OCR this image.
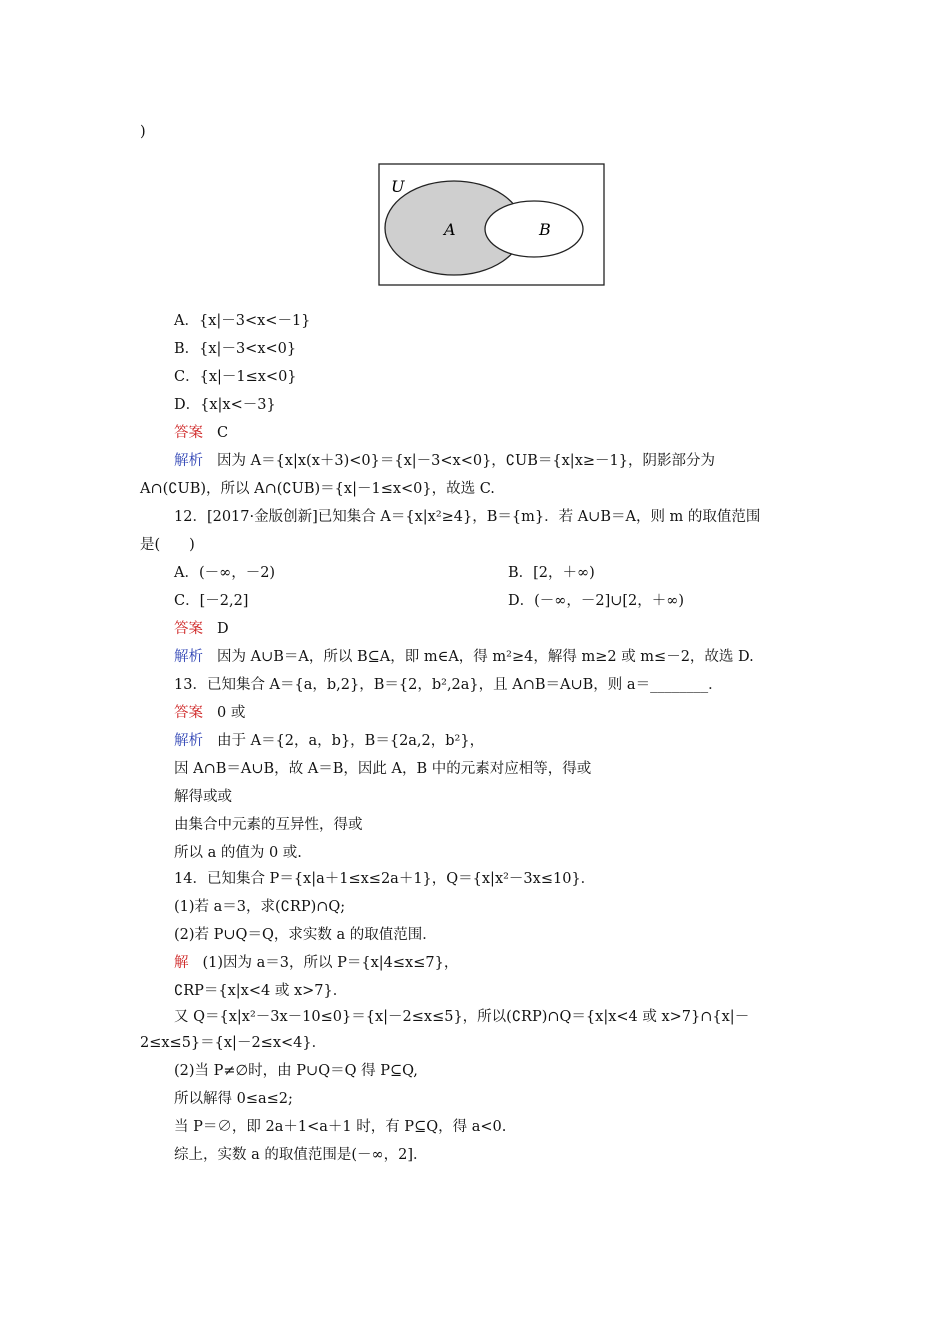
)
U
A	B
A．{x|－3<x<－1}
B．{x|－3<x<0}
C．{x|－1≤x<0}
D．{x|x<－3}
答案 C
解析 因为 A＝{x|x(x＋3)<0}＝{x|－3<x<0}，∁UB＝{x|x≥－1}，阴影部分为
A∩(∁UB)，所以 A∩(∁UB)＝{x|－1≤x<0}，故选 C.
12．[2017·金版创新]已知集合 A＝{x|x²≥4}，B＝{m}．若 A∪B＝A，则 m 的取值范围
是(　　)
A．(－∞，－2)	B．[2，＋∞)
C．[－2,2]	D．(－∞，－2]∪[2，＋∞)
答案 D
解析 因为 A∪B＝A，所以 B⊆A，即 m∈A，得 m²≥4，解得 m≥2 或 m≤－2，故选 D.
13．已知集合 A＝{a，b,2}，B＝{2，b²,2a}，且 A∩B＝A∪B，则 a＝________．
答案 0 或
解析 由于 A＝{2，a，b}，B＝{2a,2，b²}，
因 A∩B＝A∪B，故 A＝B，因此 A，B 中的元素对应相等，得或
解得或或
由集合中元素的互异性，得或
所以 a 的值为 0 或.
14．已知集合 P＝{x|a＋1≤x≤2a＋1}，Q＝{x|x²－3x≤10}．
(1)若 a＝3，求(∁RP)∩Q;
(2)若 P∪Q＝Q，求实数 a 的取值范围．
解 (1)因为 a＝3，所以 P＝{x|4≤x≤7}，
∁RP＝{x|x<4 或 x>7}．
又 Q＝{x|x²－3x－10≤0}＝{x|－2≤x≤5}，所以(∁RP)∩Q＝{x|x<4 或 x>7}∩{x|－
2≤x≤5}＝{x|－2≤x<4}．
(2)当 P≠∅时，由 P∪Q＝Q 得 P⊆Q,
所以解得 0≤a≤2;
当 P＝∅，即 2a＋1<a＋1 时，有 P⊆Q，得 a<0.
综上，实数 a 的取值范围是(－∞，2]．
